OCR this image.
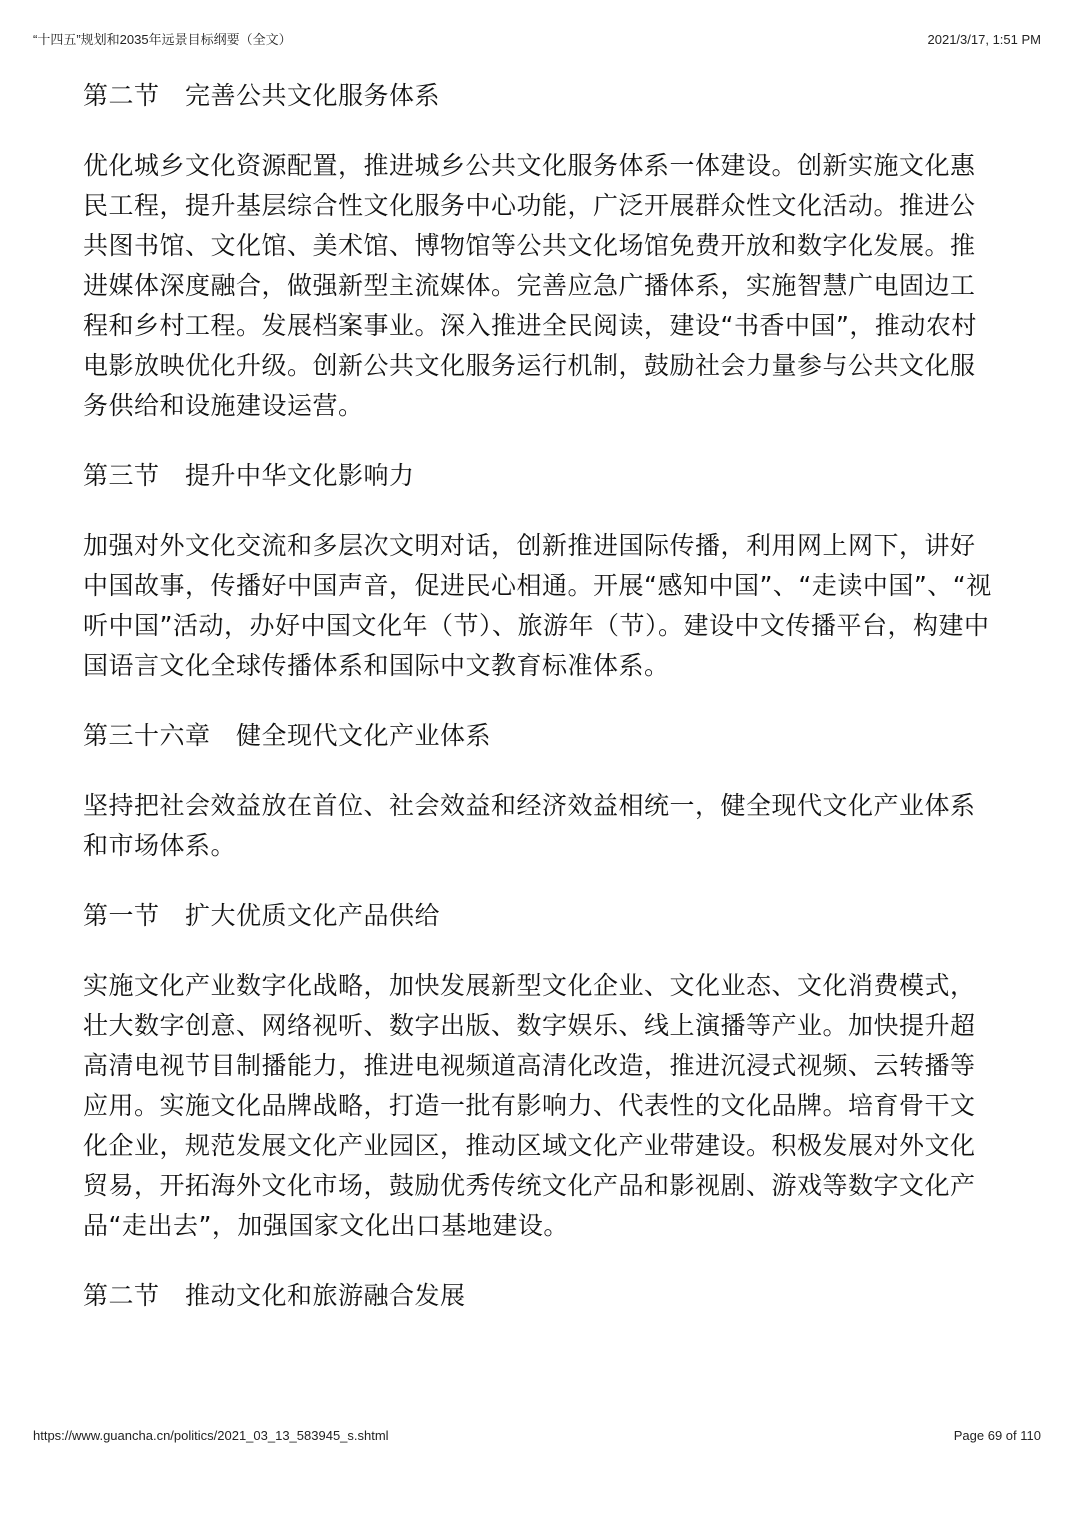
“十四五”规划和2035年远景目标纲要（全文）	2021/3/17, 1:51 PM
第二节　完善公共文化服务体系

优化城乡文化资源配置，推进城乡公共文化服务体系一体建设。创新实施文化惠民工程，提升基层综合性文化服务中心功能，广泛开展群众性文化活动。推进公共图书馆、文化馆、美术馆、博物馆等公共文化场馆免费开放和数字化发展。推进媒体深度融合，做强新型主流媒体。完善应急广播体系，实施智慧广电固边工程和乡村工程。发展档案事业。深入推进全民阅读，建设“书香中国”，推动农村电影放映优化升级。创新公共文化服务运行机制，鼓励社会力量参与公共文化服务供给和设施建设运营。

第三节　提升中华文化影响力

加强对外文化交流和多层次文明对话，创新推进国际传播，利用网上网下，讲好中国故事，传播好中国声音，促进民心相通。开展“感知中国”、“走读中国”、“视听中国”活动，办好中国文化年（节）、旅游年（节）。建设中文传播平台，构建中国语言文化全球传播体系和国际中文教育标准体系。

第三十六章　健全现代文化产业体系

坚持把社会效益放在首位、社会效益和经济效益相统一，健全现代文化产业体系和市场体系。

第一节　扩大优质文化产品供给

实施文化产业数字化战略，加快发展新型文化企业、文化业态、文化消费模式，壮大数字创意、网络视听、数字出版、数字娱乐、线上演播等产业。加快提升超高清电视节目制播能力，推进电视频道高清化改造，推进沉浸式视频、云转播等应用。实施文化品牌战略，打造一批有影响力、代表性的文化品牌。培育骨干文化企业，规范发展文化产业园区，推动区域文化产业带建设。积极发展对外文化贸易，开拓海外文化市场，鼓励优秀传统文化产品和影视剧、游戏等数字文化产品“走出去”，加强国家文化出口基地建设。

第二节　推动文化和旅游融合发展
https://www.guancha.cn/politics/2021_03_13_583945_s.shtml	Page 69 of 110
